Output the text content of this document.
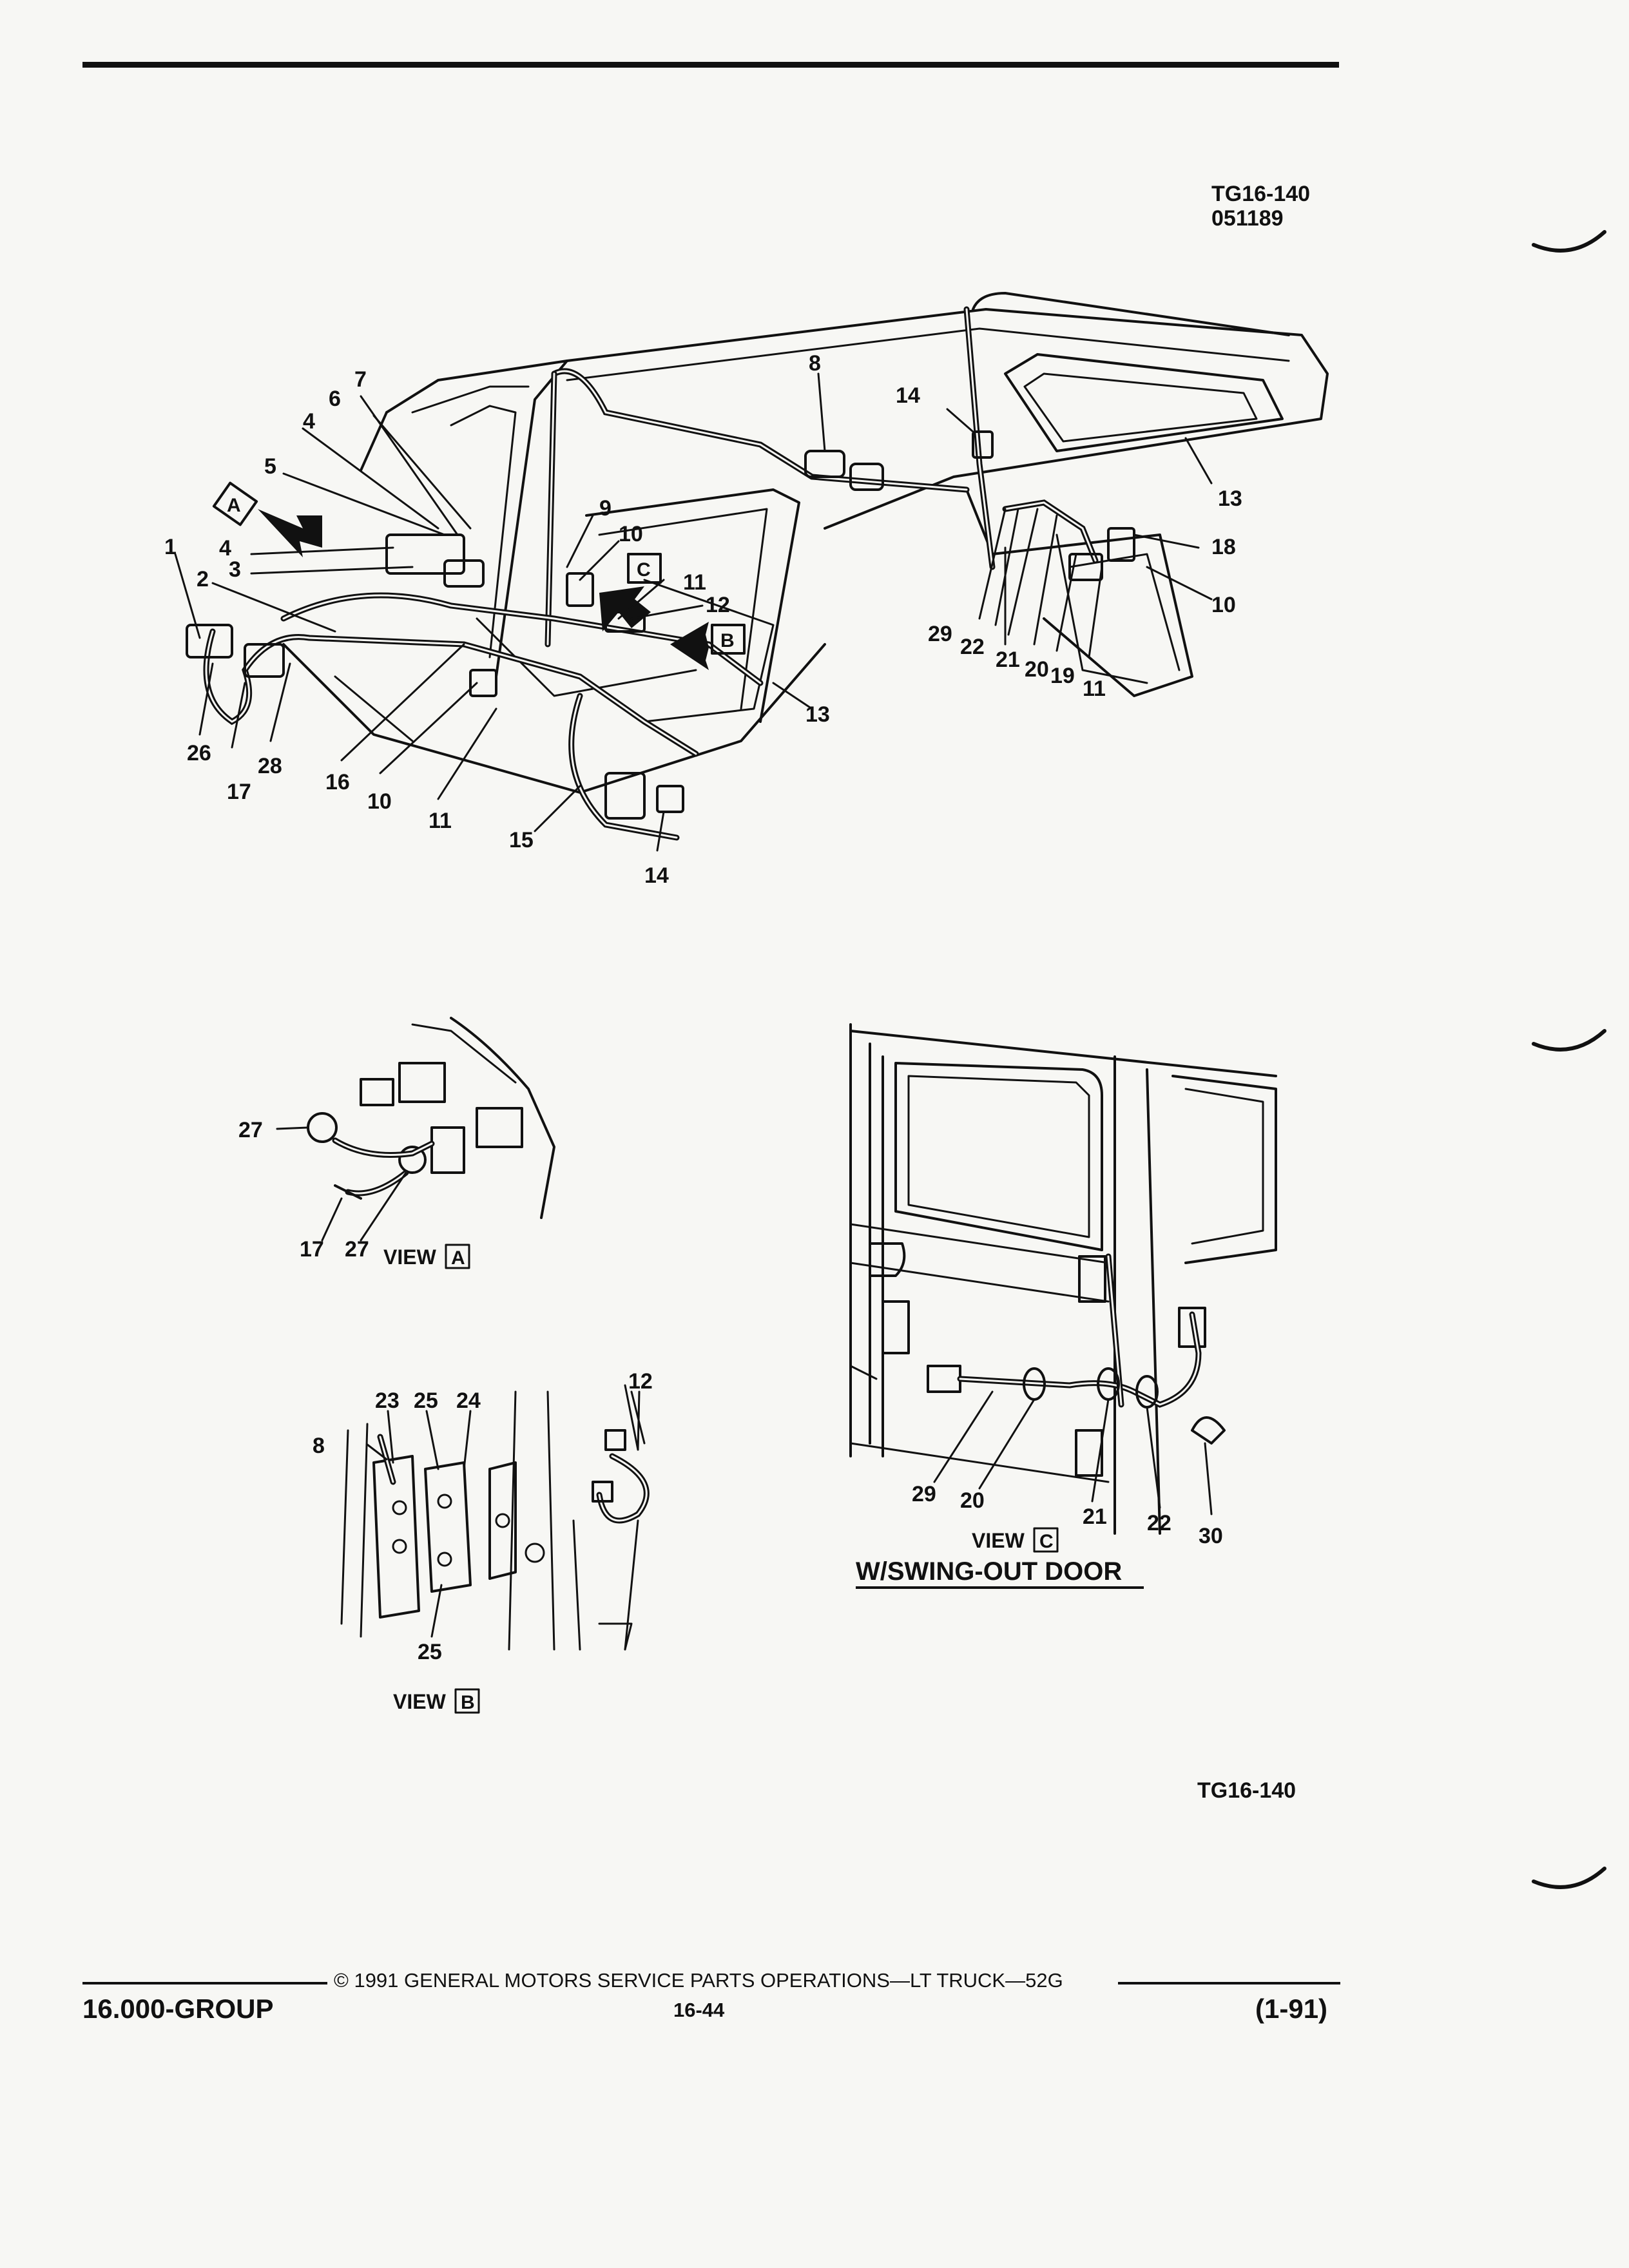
TG16-140
051189
A
C
B
1
2 3
4
4
5
6
7
8
9
10
10
10
11
11
11
12
13
13
14
14
15
16
17
18
19
20
21
22
26
28
29
27
17 27 VIEW A
23 25 24
12
8
25
VIEW B
29 20
21 22
30
VIEW C
W/SWING-OUT DOOR
TG16-140
© 1991 GENERAL MOTORS SERVICE PARTS OPERATIONS—LT TRUCK—52G
16.000-GROUP	16-44	(1-91)
